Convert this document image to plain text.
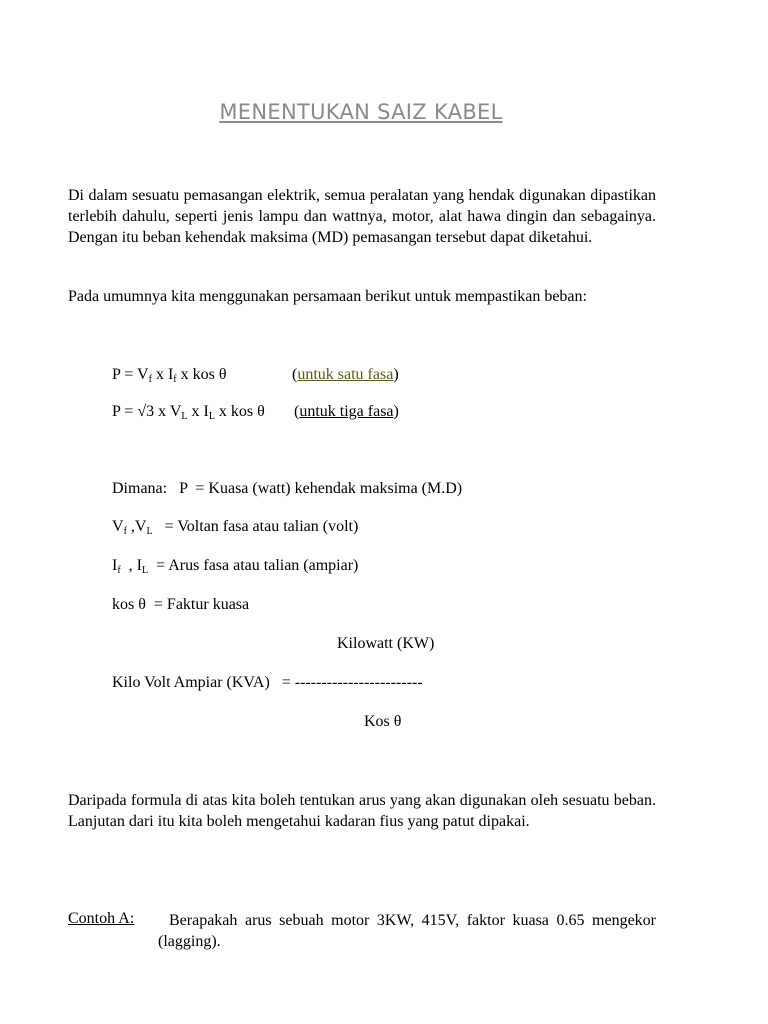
MENENTUKAN SAIZ KABEL
Di dalam sesuatu pemasangan elektrik, semua peralatan yang hendak digunakan dipastikan terlebih dahulu, seperti jenis lampu dan wattnya, motor, alat hawa dingin dan sebagainya. Dengan itu beban kehendak maksima (MD) pemasangan tersebut dapat diketahui.
Pada umumnya kita menggunakan persamaan berikut untuk mempastikan beban:
$P = V_f$ x $I_f$ x kos θ	(untuk satu fasa)
P = √3 x $V_L$ x $I_L$ x kos θ (untuk tiga fasa)
Dimana:   P  = Kuasa (watt) kehendak maksima (M.D)
$V_f$ $,V_L = Voltan$ fasa atau talian (volt)
$I_f$  , $I_L$  = Arus fasa atau talian (ampiar)
kos θ  = Faktur kuasa
Kilowatt (KW)
Kilo Volt Ampiar (KVA)   = ------------------------
Kos θ
Daripada formula di atas kita boleh tentukan arus yang akan digunakan oleh sesuatu beban. Lanjutan dari itu kita boleh mengetahui kadaran fius yang patut dipakai.
Contoh A:	Berapakah arus sebuah motor 3KW, 415V, faktor kuasa 0.65 mengekor (lagging).
